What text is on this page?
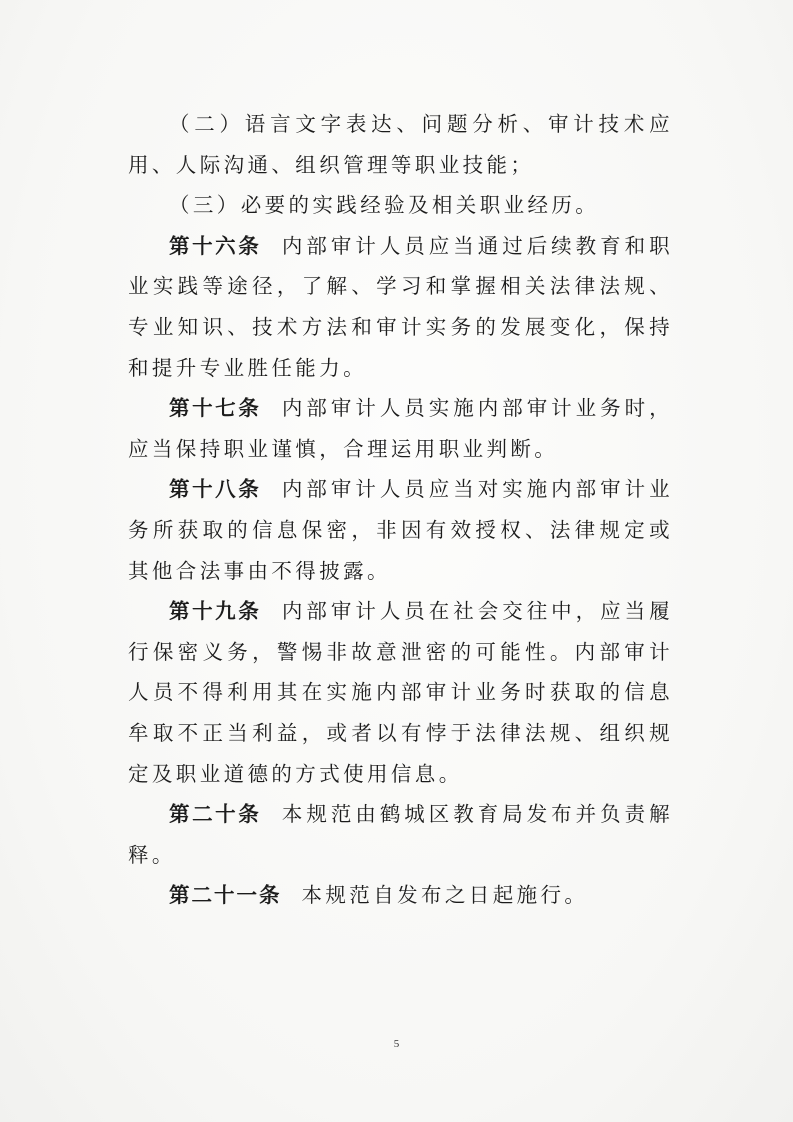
（二）语言文字表达、问题分析、审计技术应用、人际沟通、组织管理等职业技能；

（三）必要的实践经验及相关职业经历。

第十六条 内部审计人员应当通过后续教育和职业实践等途径，了解、学习和掌握相关法律法规、专业知识、技术方法和审计实务的发展变化，保持和提升专业胜任能力。

第十七条 内部审计人员实施内部审计业务时，应当保持职业谨慎，合理运用职业判断。

第十八条 内部审计人员应当对实施内部审计业务所获取的信息保密，非因有效授权、法律规定或其他合法事由不得披露。

第十九条 内部审计人员在社会交往中，应当履行保密义务，警惕非故意泄密的可能性。内部审计人员不得利用其在实施内部审计业务时获取的信息牟取不正当利益，或者以有悖于法律法规、组织规定及职业道德的方式使用信息。

第二十条 本规范由鹤城区教育局发布并负责解释。

第二十一条 本规范自发布之日起施行。

5
